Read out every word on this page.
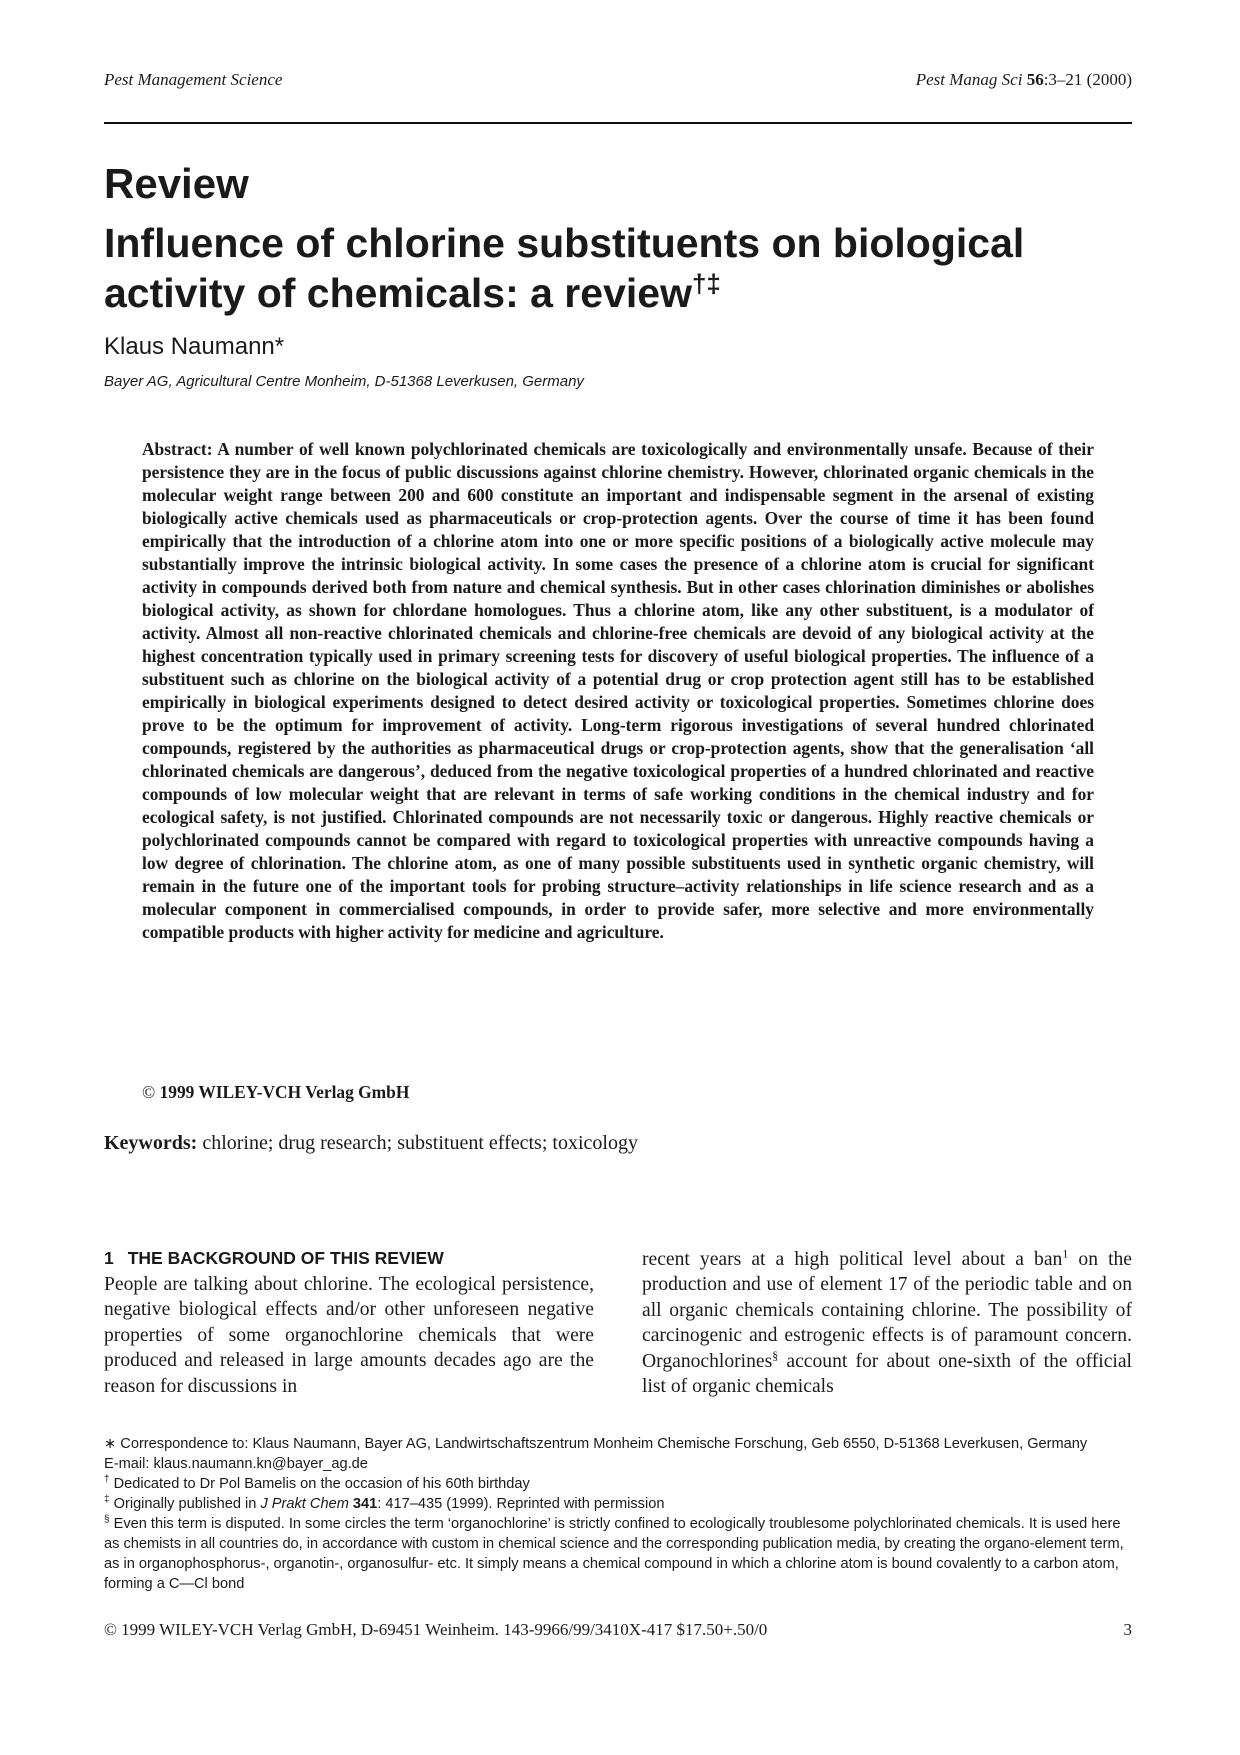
Pest Management Science	Pest Manag Sci 56:3–21 (2000)
Review
Influence of chlorine substituents on biological activity of chemicals: a review†‡
Klaus Naumann*
Bayer AG, Agricultural Centre Monheim, D-51368 Leverkusen, Germany

Abstract: A number of well known polychlorinated chemicals are toxicologically and environmentally unsafe. Because of their persistence they are in the focus of public discussions against chlorine chemistry. However, chlorinated organic chemicals in the molecular weight range between 200 and 600 constitute an important and indispensable segment in the arsenal of existing biologically active chemicals used as pharmaceuticals or crop-protection agents. Over the course of time it has been found empirically that the introduction of a chlorine atom into one or more specific positions of a biologically active molecule may substantially improve the intrinsic biological activity. In some cases the presence of a chlorine atom is crucial for significant activity in compounds derived both from nature and chemical synthesis. But in other cases chlorination diminishes or abolishes biological activity, as shown for chlordane homologues. Thus a chlorine atom, like any other substituent, is a modulator of activity. Almost all non-reactive chlorinated chemicals and chlorine-free chemicals are devoid of any biological activity at the highest concentration typically used in primary screening tests for discovery of useful biological properties. The influence of a substituent such as chlorine on the biological activity of a potential drug or crop protection agent still has to be established empirically in biological experiments designed to detect desired activity or toxicological properties. Sometimes chlorine does prove to be the optimum for improvement of activity. Long-term rigorous investigations of several hundred chlorinated compounds, registered by the authorities as pharmaceutical drugs or crop-protection agents, show that the generalisation ‘all chlorinated chemicals are dangerous’, deduced from the negative toxicological properties of a hundred chlorinated and reactive compounds of low molecular weight that are relevant in terms of safe working conditions in the chemical industry and for ecological safety, is not justified. Chlorinated compounds are not necessarily toxic or dangerous. Highly reactive chemicals or polychlorinated compounds cannot be compared with regard to toxicological properties with unreactive compounds having a low degree of chlorination. The chlorine atom, as one of many possible substituents used in synthetic organic chemistry, will remain in the future one of the important tools for probing structure–activity relationships in life science research and as a molecular component in commercialised compounds, in order to provide safer, more selective and more environmentally compatible products with higher activity for medicine and agriculture.

© 1999 WILEY-VCH Verlag GmbH
Keywords: chlorine; drug research; substituent effects; toxicology
1 THE BACKGROUND OF THIS REVIEW

People are talking about chlorine. The ecological persistence, negative biological effects and/or other unforeseen negative properties of some organochlorine chemicals that were produced and released in large amounts decades ago are the reason for discussions in

recent years at a high political level about a ban$^1$ on the production and use of element 17 of the periodic table and on all organic chemicals containing chlorine. The possibility of carcinogenic and estrogenic effects is of paramount concern. Organochlorines§ account for about one-sixth of the official list of organic chemicals

∗ Correspondence to: Klaus Naumann, Bayer AG, Landwirtschaftszentrum Monheim Chemische Forschung, Geb 6550, D-51368 Leverkusen, Germany

E-mail: klaus.naumann.kn@bayer_ag.de

† Dedicated to Dr Pol Bamelis on the occasion of his 60th birthday

‡ Originally published in J Prakt Chem 341: 417–435 (1999). Reprinted with permission

§ Even this term is disputed. In some circles the term ‘organochlorine’ is strictly confined to ecologically troublesome polychlorinated chemicals. It is used here as chemists in all countries do, in accordance with custom in chemical science and the corresponding publication media, by creating the organo-element term, as in organophosphorus-, organotin-, organosulfur- etc. It simply means a chemical compound in which a chlorine atom is bound covalently to a carbon atom, forming a C—Cl bond

© 1999 WILEY-VCH Verlag GmbH, D-69451 Weinheim. 143-9966/99/3410X-417 $17.50+.50/0	3
